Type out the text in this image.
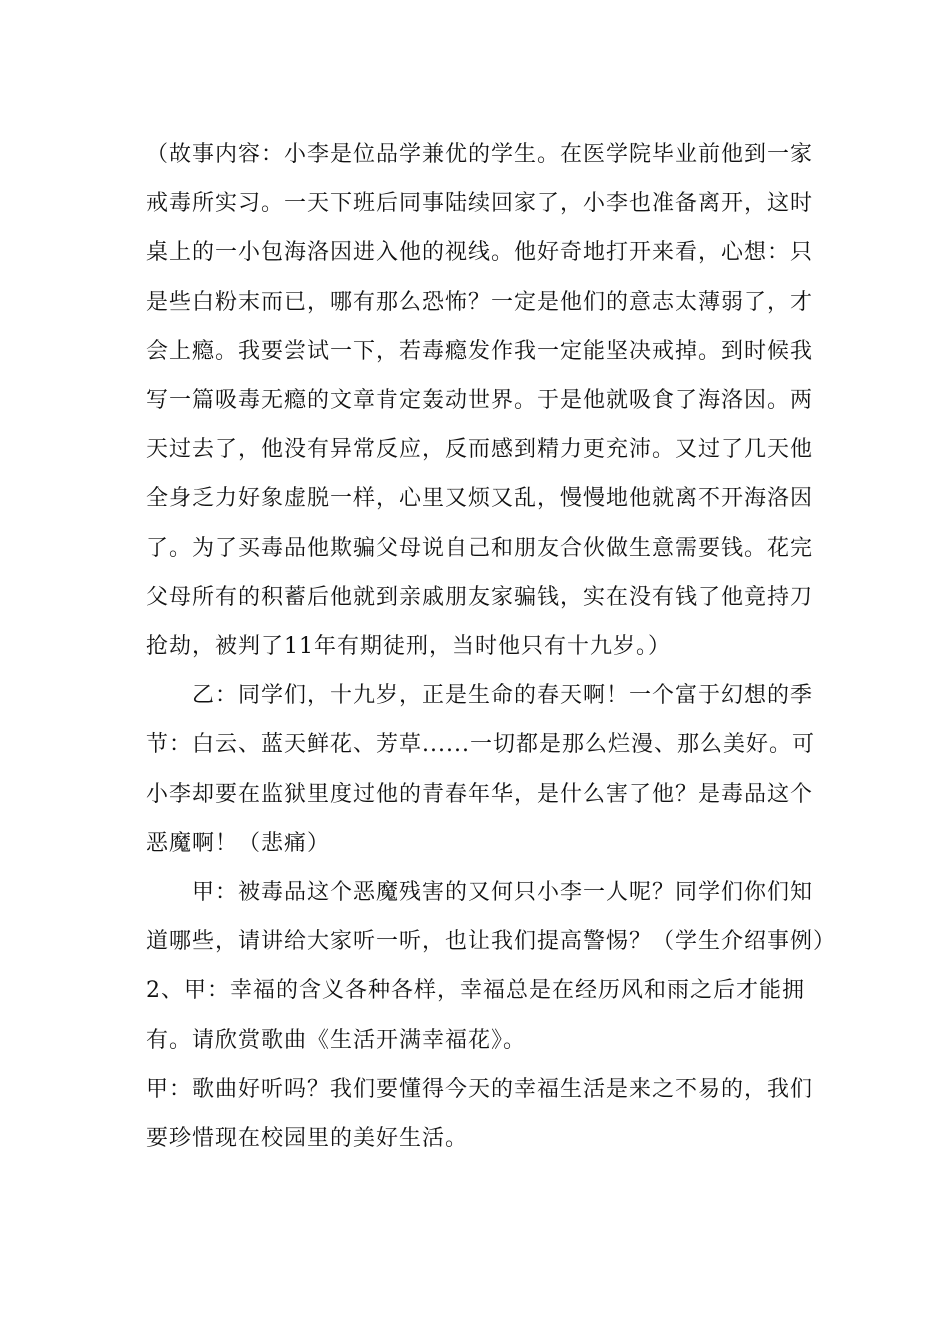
（故事内容：小李是位品学兼优的学生。在医学院毕业前他到一家戒毒所实习。一天下班后同事陆续回家了，小李也准备离开，这时桌上的一小包海洛因进入他的视线。他好奇地打开来看，心想：只是些白粉末而已，哪有那么恐怖？一定是他们的意志太薄弱了，才会上瘾。我要尝试一下，若毒瘾发作我一定能坚决戒掉。到时候我写一篇吸毒无瘾的文章肯定轰动世界。于是他就吸食了海洛因。两天过去了，他没有异常反应，反而感到精力更充沛。又过了几天他全身乏力好象虚脱一样，心里又烦又乱，慢慢地他就离不开海洛因了。为了买毒品他欺骗父母说自己和朋友合伙做生意需要钱。花完父母所有的积蓄后他就到亲戚朋友家骗钱，实在没有钱了他竟持刀抢劫，被判了11年有期徒刑，当时他只有十九岁。）

乙：同学们，十九岁，正是生命的春天啊！一个富于幻想的季节：白云、蓝天鲜花、芳草......一切都是那么烂漫、那么美好。可小李却要在监狱里度过他的青春年华，是什么害了他？是毒品这个恶魔啊！（悲痛）

甲：被毒品这个恶魔残害的又何只小李一人呢？同学们你们知道哪些，请讲给大家听一听，也让我们提高警惕？（学生介绍事例）

2、甲：幸福的含义各种各样，幸福总是在经历风和雨之后才能拥有。请欣赏歌曲《生活开满幸福花》。

甲：歌曲好听吗？我们要懂得今天的幸福生活是来之不易的，我们要珍惜现在校园里的美好生活。
